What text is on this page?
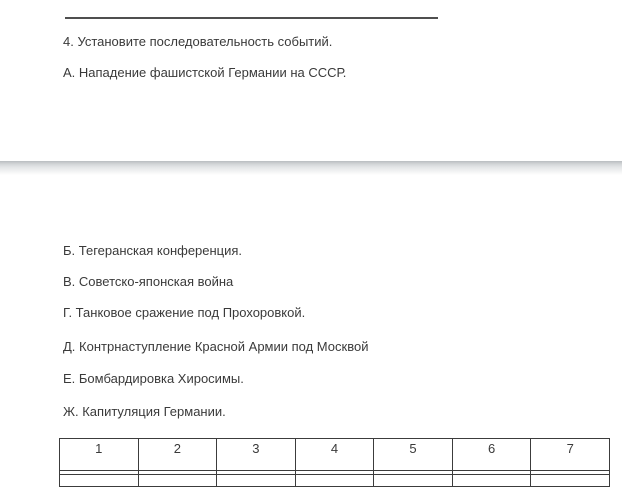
4. Установите последовательность событий.

А. Нападение фашистской Германии на СССР.

Б. Тегеранская конференция.

В. Советско-японская война

Г. Танковое сражение под Прохоровкой.

Д. Контрнаступление Красной Армии под Москвой

Е. Бомбардировка Хиросимы.

Ж. Капитуляция Германии.

1	2	3	4	5	6	7
